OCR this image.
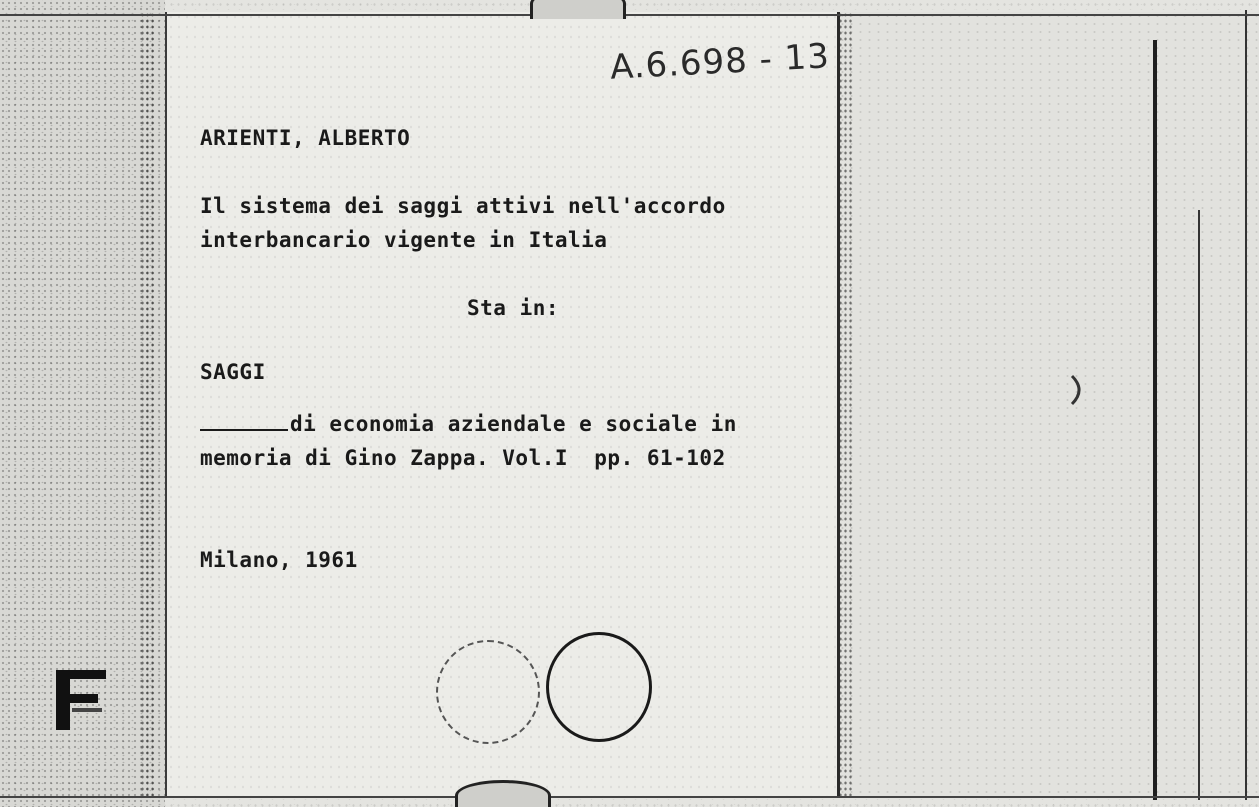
A.6.698 - 13
ARIENTI, ALBERTO
Il sistema dei saggi attivi nell'accordo
interbancario vigente in Italia
Sta in:
SAGGI
di economia aziendale e sociale in
memoria di Gino Zappa. Vol.I  pp. 61-102
Milano, 1961
